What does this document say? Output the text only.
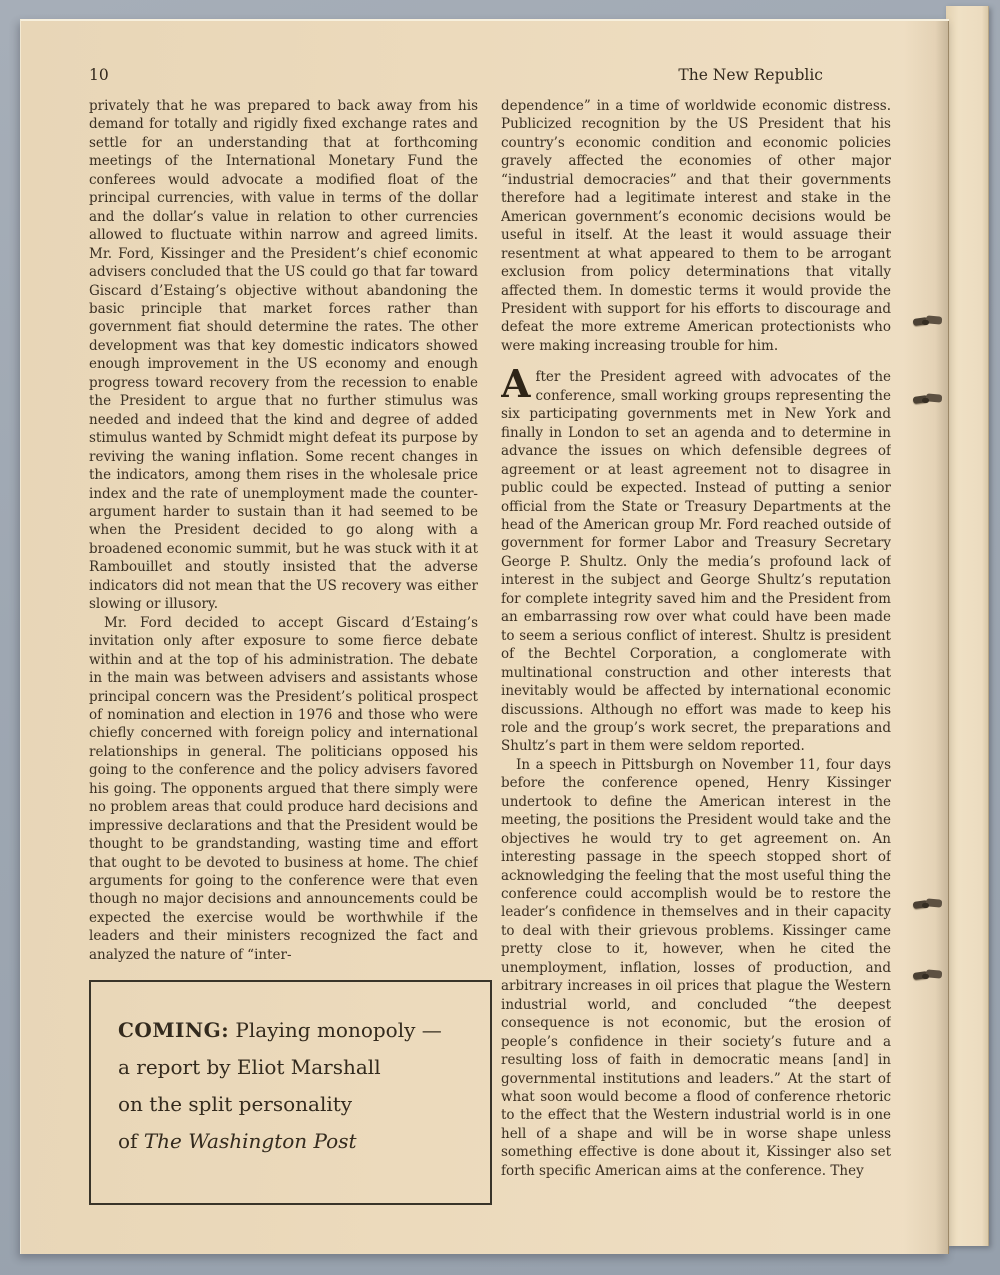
10	The New Republic

privately that he was prepared to back away from his demand for totally and rigidly fixed exchange rates and settle for an understanding that at forthcoming meetings of the International Monetary Fund the conferees would advocate a modified float of the principal currencies, with value in terms of the dollar and the dollar’s value in relation to other currencies allowed to fluctuate within narrow and agreed limits. Mr. Ford, Kissinger and the President’s chief economic advisers concluded that the US could go that far toward Giscard d’Estaing’s objective without abandoning the basic principle that market forces rather than government fiat should determine the rates. The other development was that key domestic indicators showed enough improvement in the US economy and enough progress toward recovery from the recession to enable the President to argue that no further stimulus was needed and indeed that the kind and degree of added stimulus wanted by Schmidt might defeat its purpose by reviving the waning inflation. Some recent changes in the indicators, among them rises in the wholesale price index and the rate of unemployment made the counter-argument harder to sustain than it had seemed to be when the President decided to go along with a broadened economic summit, but he was stuck with it at Rambouillet and stoutly insisted that the adverse indicators did not mean that the US recovery was either slowing or illusory.

Mr. Ford decided to accept Giscard d’Estaing’s invitation only after exposure to some fierce debate within and at the top of his administration. The debate in the main was between advisers and assistants whose principal concern was the President’s political prospect of nomination and election in 1976 and those who were chiefly concerned with foreign policy and international relationships in general. The politicians opposed his going to the conference and the policy advisers favored his going. The opponents argued that there simply were no problem areas that could produce hard decisions and impressive declarations and that the President would be thought to be grandstanding, wasting time and effort that ought to be devoted to business at home. The chief arguments for going to the conference were that even though no major decisions and announcements could be expected the exercise would be worthwhile if the leaders and their ministers recognized the fact and analyzed the nature of “inter-

dependence” in a time of worldwide economic distress. Publicized recognition by the US President that his country’s economic condition and economic policies gravely affected the economies of other major “industrial democracies” and that their governments therefore had a legitimate interest and stake in the American government’s economic decisions would be useful in itself. At the least it would assuage their resentment at what appeared to them to be arrogant exclusion from policy determinations that vitally affected them. In domestic terms it would provide the President with support for his efforts to discourage and defeat the more extreme American protectionists who were making increasing trouble for him.

After the President agreed with advocates of the conference, small working groups representing the six participating governments met in New York and finally in London to set an agenda and to determine in advance the issues on which defensible degrees of agreement or at least agreement not to disagree in public could be expected. Instead of putting a senior official from the State or Treasury Departments at the head of the American group Mr. Ford reached outside of government for former Labor and Treasury Secretary George P. Shultz. Only the media’s profound lack of interest in the subject and George Shultz’s reputation for complete integrity saved him and the President from an embarrassing row over what could have been made to seem a serious conflict of interest. Shultz is president of the Bechtel Corporation, a conglomerate with multinational construction and other interests that inevitably would be affected by international economic discussions. Although no effort was made to keep his role and the group’s work secret, the preparations and Shultz’s part in them were seldom reported.

In a speech in Pittsburgh on November 11, four days before the conference opened, Henry Kissinger undertook to define the American interest in the meeting, the positions the President would take and the objectives he would try to get agreement on. An interesting passage in the speech stopped short of acknowledging the feeling that the most useful thing the conference could accomplish would be to restore the leader’s confidence in themselves and in their capacity to deal with their grievous problems. Kissinger came pretty close to it, however, when he cited the unemployment, inflation, losses of production, and arbitrary increases in oil prices that plague the Western industrial world, and concluded “the deepest consequence is not economic, but the erosion of people’s confidence in their society’s future and a resulting loss of faith in democratic means [and] in governmental institutions and leaders.” At the start of what soon would become a flood of conference rhetoric to the effect that the Western industrial world is in one hell of a shape and will be in worse shape unless something effective is done about it, Kissinger also set forth specific American aims at the conference. They

COMING: Playing monopoly —
a report by Eliot Marshall
on the split personality
of The Washington Post
